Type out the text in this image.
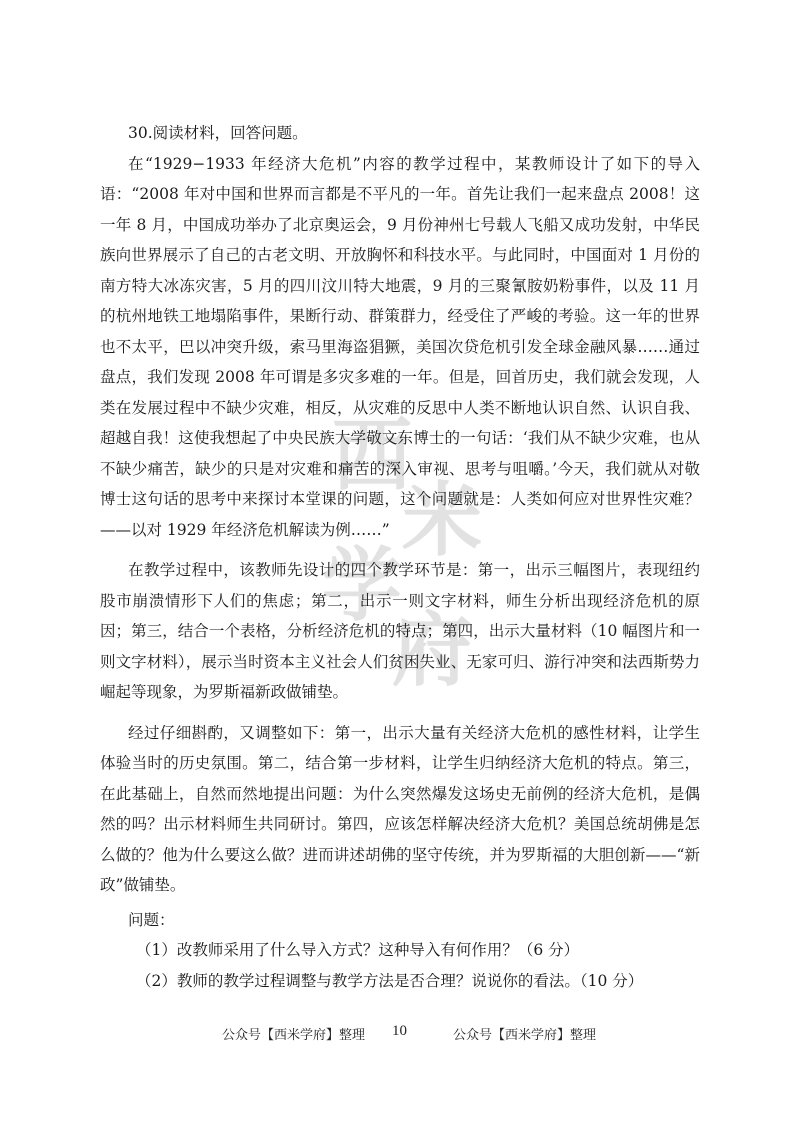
西
米
学
府

30.阅读材料，回答问题。

在“1929−1933 年经济大危机”内容的教学过程中，某教师设计了如下的导入语：“2008 年对中国和世界而言都是不平凡的一年。首先让我们一起来盘点 2008！这一年 8 月，中国成功举办了北京奥运会，9 月份神州七号载人飞船又成功发射，中华民族向世界展示了自己的古老文明、开放胸怀和科技水平。与此同时，中国面对 1 月份的南方特大冰冻灾害，5 月的四川汶川特大地震，9 月的三聚氰胺奶粉事件，以及 11 月的杭州地铁工地塌陷事件，果断行动、群策群力，经受住了严峻的考验。这一年的世界也不太平，巴以冲突升级，索马里海盗猖獗，美国次贷危机引发全球金融风暴……通过盘点，我们发现 2008 年可谓是多灾多难的一年。但是，回首历史，我们就会发现，人类在发展过程中不缺少灾难，相反，从灾难的反思中人类不断地认识自然、认识自我、超越自我！这使我想起了中央民族大学敬文东博士的一句话：‘我们从不缺少灾难，也从不缺少痛苦，缺少的只是对灾难和痛苦的深入审视、思考与咀嚼。’今天，我们就从对敬博士这句话的思考中来探讨本堂课的问题，这个问题就是：人类如何应对世界性灾难？——以对 1929 年经济危机解读为例……”

在教学过程中，该教师先设计的四个教学环节是：第一，出示三幅图片，表现纽约股市崩溃情形下人们的焦虑；第二，出示一则文字材料，师生分析出现经济危机的原因；第三，结合一个表格，分析经济危机的特点；第四，出示大量材料（10 幅图片和一则文字材料），展示当时资本主义社会人们贫困失业、无家可归、游行冲突和法西斯势力崛起等现象，为罗斯福新政做铺垫。

经过仔细斟酌，又调整如下：第一，出示大量有关经济大危机的感性材料，让学生体验当时的历史氛围。第二，结合第一步材料，让学生归纳经济大危机的特点。第三，在此基础上，自然而然地提出问题：为什么突然爆发这场史无前例的经济大危机，是偶然的吗？出示材料师生共同研讨。第四，应该怎样解决经济大危机？美国总统胡佛是怎么做的？他为什么要这么做？进而讲述胡佛的坚守传统，并为罗斯福的大胆创新——“新政”做铺垫。

问题：

（1）改教师采用了什么导入方式？这种导入有何作用？（6 分）

（2）教师的教学过程调整与教学方法是否合理？说说你的看法。（10 分）

公众号【西米学府】整理 10	公众号【西米学府】整理
